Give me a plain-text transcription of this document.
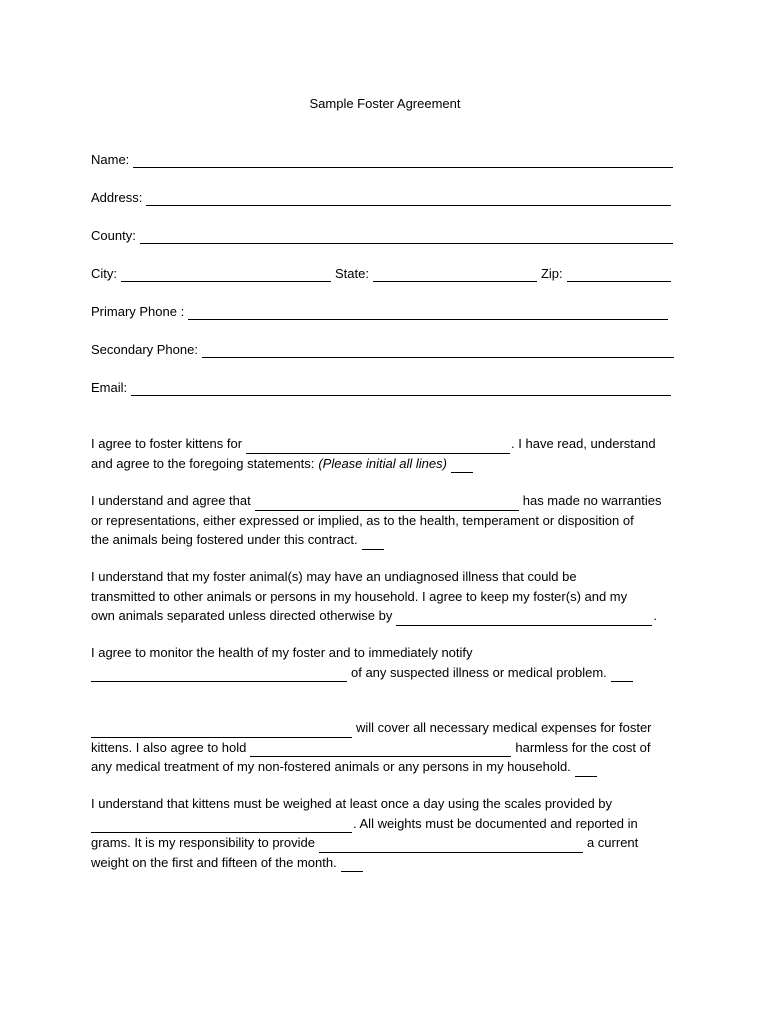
Sample Foster Agreement
Name:
Address:
County:
City:	State:	Zip:
Primary Phone :
Secondary Phone:
Email:
I agree to foster kittens for	. I have read, understand
and agree to the foregoing statements: (Please initial all lines)
I understand and agree that	has made no warranties
or representations, either expressed or implied, as to the health, temperament or disposition of
the animals being fostered under this contract.
I understand that my foster animal(s) may have an undiagnosed illness that could be
transmitted to other animals or persons in my household. I agree to keep my foster(s) and my
own animals separated unless directed otherwise by	.
I agree to monitor the health of my foster and to immediately notify
of any suspected illness or medical problem.
will cover all necessary medical expenses for foster
kittens. I also agree to hold	harmless for the cost of
any medical treatment of my non-fostered animals or any persons in my household.
I understand that kittens must be weighed at least once a day using the scales provided by
. All weights must be documented and reported in
grams. It is my responsibility to provide	a current
weight on the first and fifteen of the month.
